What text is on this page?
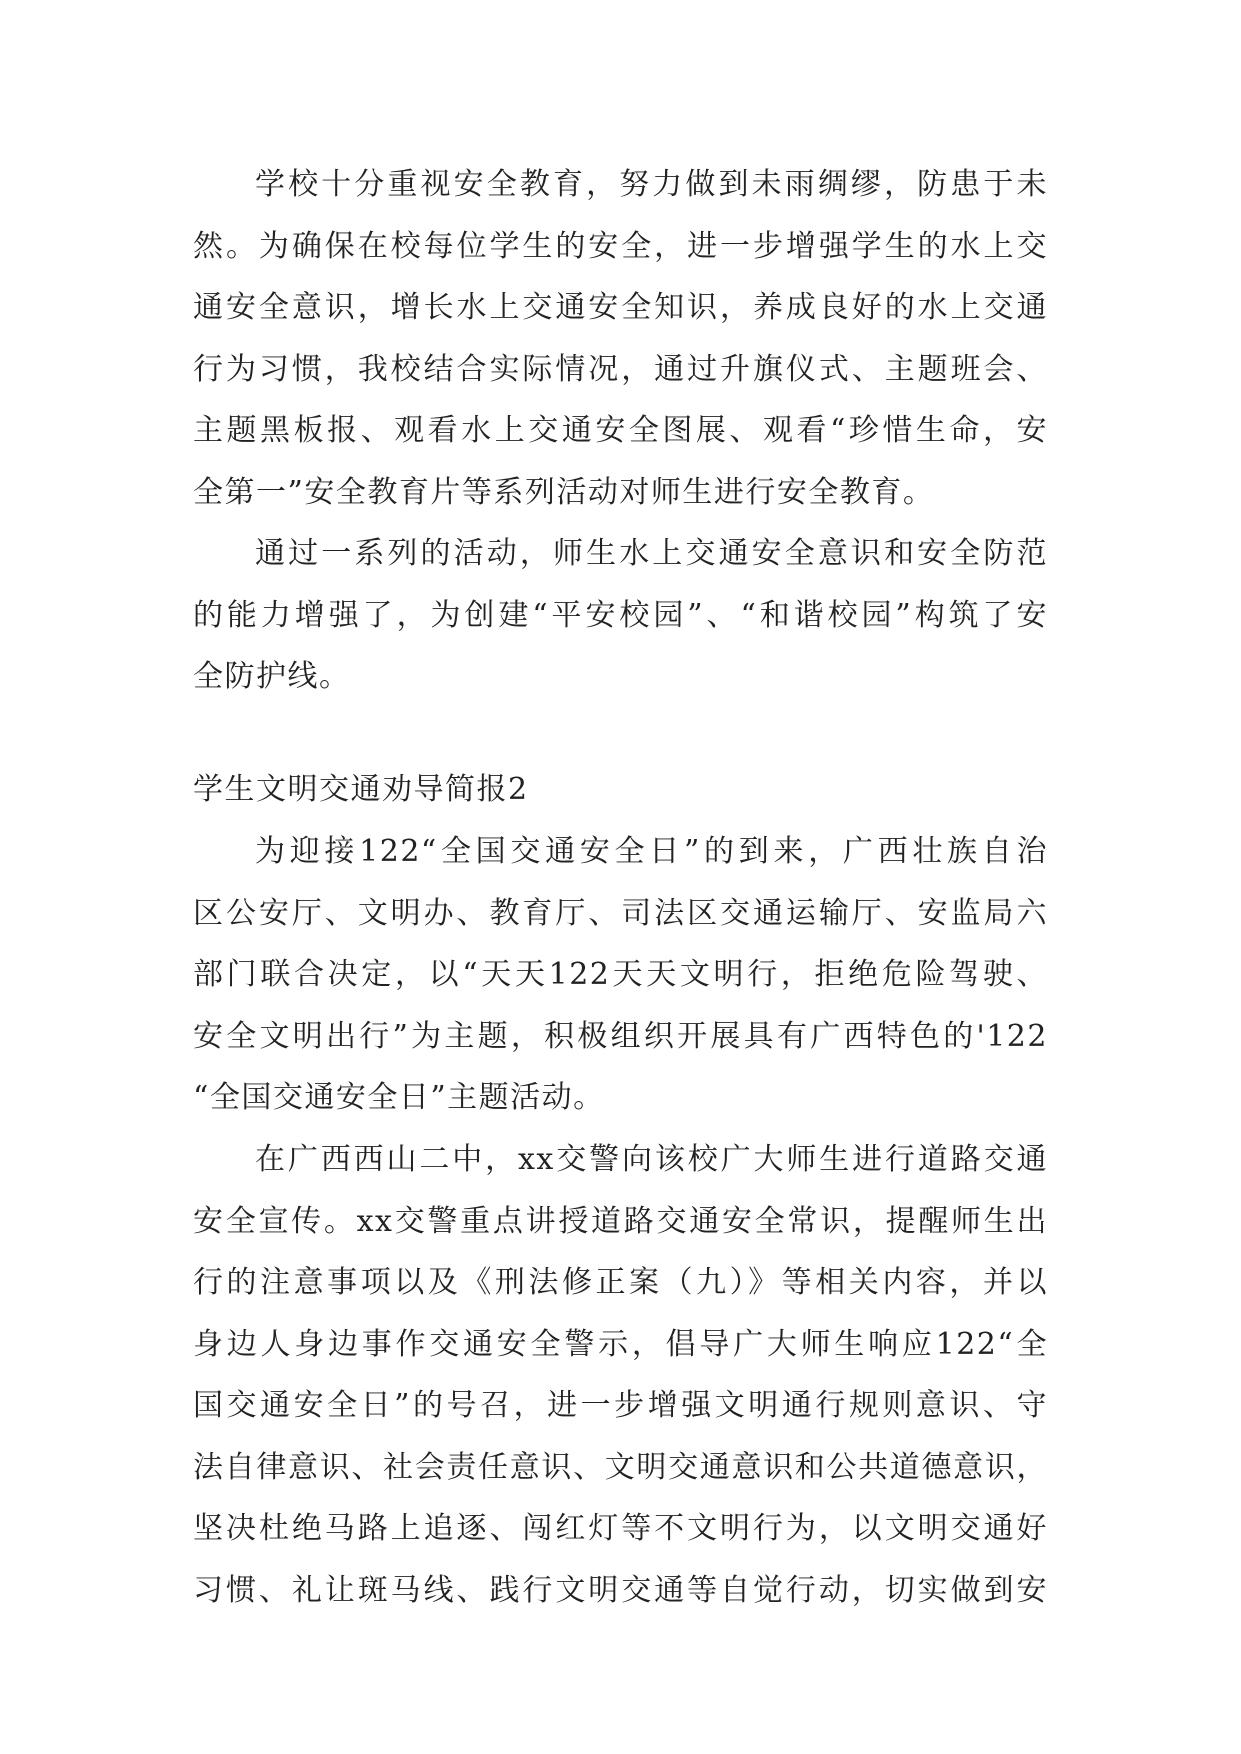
学校十分重视安全教育，努力做到未雨绸缪，防患于未
然。为确保在校每位学生的安全，进一步增强学生的水上交
通安全意识，增长水上交通安全知识，养成良好的水上交通
行为习惯，我校结合实际情况，通过升旗仪式、主题班会、
主题黑板报、观看水上交通安全图展、观看“珍惜生命，安
全第一”安全教育片等系列活动对师生进行安全教育。
通过一系列的活动，师生水上交通安全意识和安全防范
的能力增强了，为创建“平安校园”、“和谐校园”构筑了安
全防护线。
学生文明交通劝导简报2
为迎接122“全国交通安全日”的到来，广西壮族自治
区公安厅、文明办、教育厅、司法区交通运输厅、安监局六
部门联合决定，以“天天122天天文明行，拒绝危险驾驶、
安全文明出行”为主题，积极组织开展具有广西特色的'122
“全国交通安全日”主题活动。
在广西西山二中，xx交警向该校广大师生进行道路交通
安全宣传。xx交警重点讲授道路交通安全常识，提醒师生出
行的注意事项以及《刑法修正案（九）》等相关内容，并以
身边人身边事作交通安全警示，倡导广大师生响应122“全
国交通安全日”的号召，进一步增强文明通行规则意识、守
法自律意识、社会责任意识、文明交通意识和公共道德意识，
坚决杜绝马路上追逐、闯红灯等不文明行为，以文明交通好
习惯、礼让斑马线、践行文明交通等自觉行动，切实做到安
